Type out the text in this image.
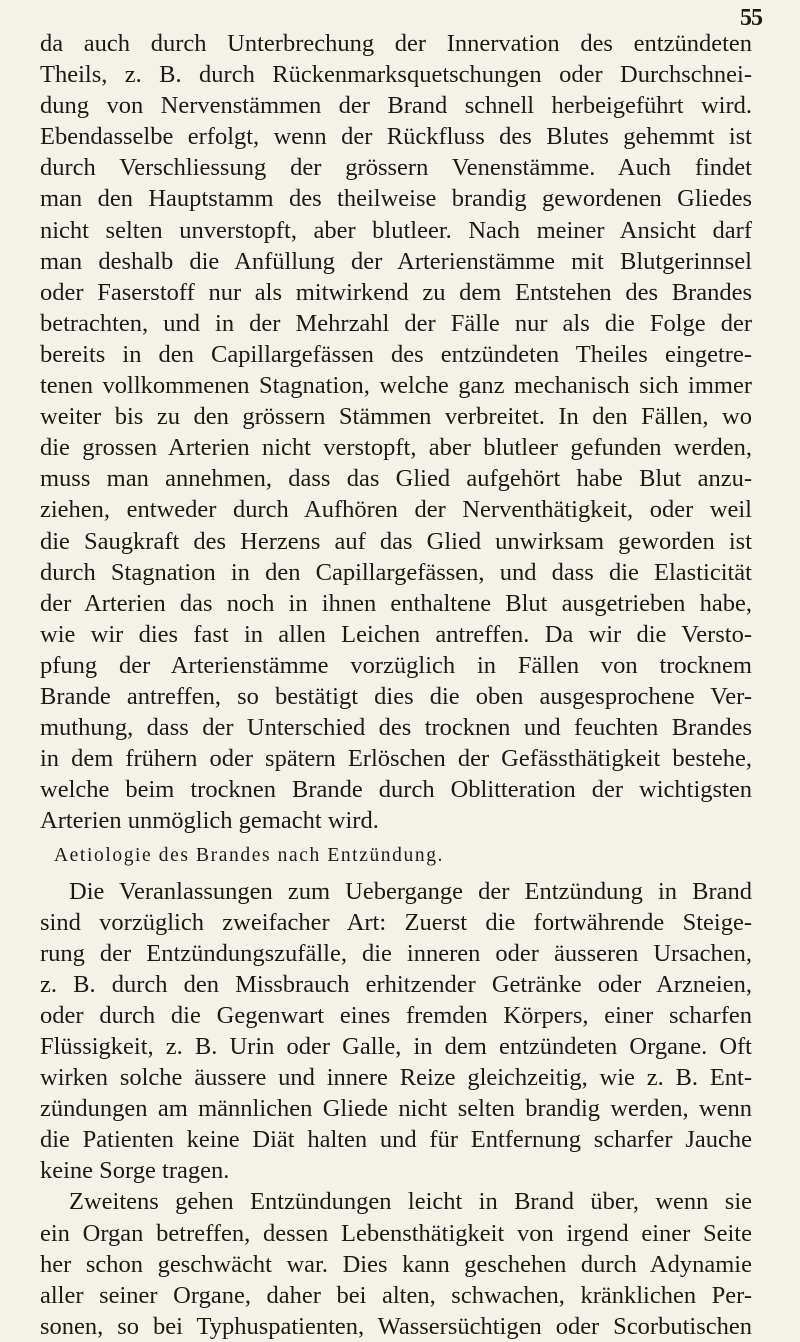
55
da auch durch Unterbrechung der Innervation des entzündeten
Theils, z. B. durch Rückenmarksquetschungen oder Durchschnei-
dung von Nervenstämmen der Brand schnell herbeigeführt wird.
Ebendasselbe erfolgt, wenn der Rückfluss des Blutes gehemmt ist
durch Verschliessung der grössern Venenstämme. Auch findet
man den Hauptstamm des theilweise brandig gewordenen Gliedes
nicht selten unverstopft, aber blutleer. Nach meiner Ansicht darf
man deshalb die Anfüllung der Arterienstämme mit Blutgerinnsel
oder Faserstoff nur als mitwirkend zu dem Entstehen des Brandes
betrachten, und in der Mehrzahl der Fälle nur als die Folge der
bereits in den Capillargefässen des entzündeten Theiles eingetre-
tenen vollkommenen Stagnation, welche ganz mechanisch sich immer
weiter bis zu den grössern Stämmen verbreitet. In den Fällen, wo
die grossen Arterien nicht verstopft, aber blutleer gefunden werden,
muss man annehmen, dass das Glied aufgehört habe Blut anzu-
ziehen, entweder durch Aufhören der Nerventhätigkeit, oder weil
die Saugkraft des Herzens auf das Glied unwirksam geworden ist
durch Stagnation in den Capillargefässen, und dass die Elasticität
der Arterien das noch in ihnen enthaltene Blut ausgetrieben habe,
wie wir dies fast in allen Leichen antreffen. Da wir die Versto-
pfung der Arterienstämme vorzüglich in Fällen von trocknem
Brande antreffen, so bestätigt dies die oben ausgesprochene Ver-
muthung, dass der Unterschied des trocknen und feuchten Brandes
in dem frühern oder spätern Erlöschen der Gefässthätigkeit bestehe,
welche beim trocknen Brande durch Oblitteration der wichtigsten
Arterien unmöglich gemacht wird.
Aetiologie des Brandes nach Entzündung.
Die Veranlassungen zum Uebergange der Entzündung in Brand
sind vorzüglich zweifacher Art: Zuerst die fortwährende Steige-
rung der Entzündungszufälle, die inneren oder äusseren Ursachen,
z. B. durch den Missbrauch erhitzender Getränke oder Arzneien,
oder durch die Gegenwart eines fremden Körpers, einer scharfen
Flüssigkeit, z. B. Urin oder Galle, in dem entzündeten Organe. Oft
wirken solche äussere und innere Reize gleichzeitig, wie z. B. Ent-
zündungen am männlichen Gliede nicht selten brandig werden, wenn
die Patienten keine Diät halten und für Entfernung scharfer Jauche
keine Sorge tragen.
Zweitens gehen Entzündungen leicht in Brand über, wenn sie
ein Organ betreffen, dessen Lebensthätigkeit von irgend einer Seite
her schon geschwächt war. Dies kann geschehen durch Adynamie
aller seiner Organe, daher bei alten, schwachen, kränklichen Per-
sonen, so bei Typhuspatienten, Wassersüchtigen oder Scorbutischen
